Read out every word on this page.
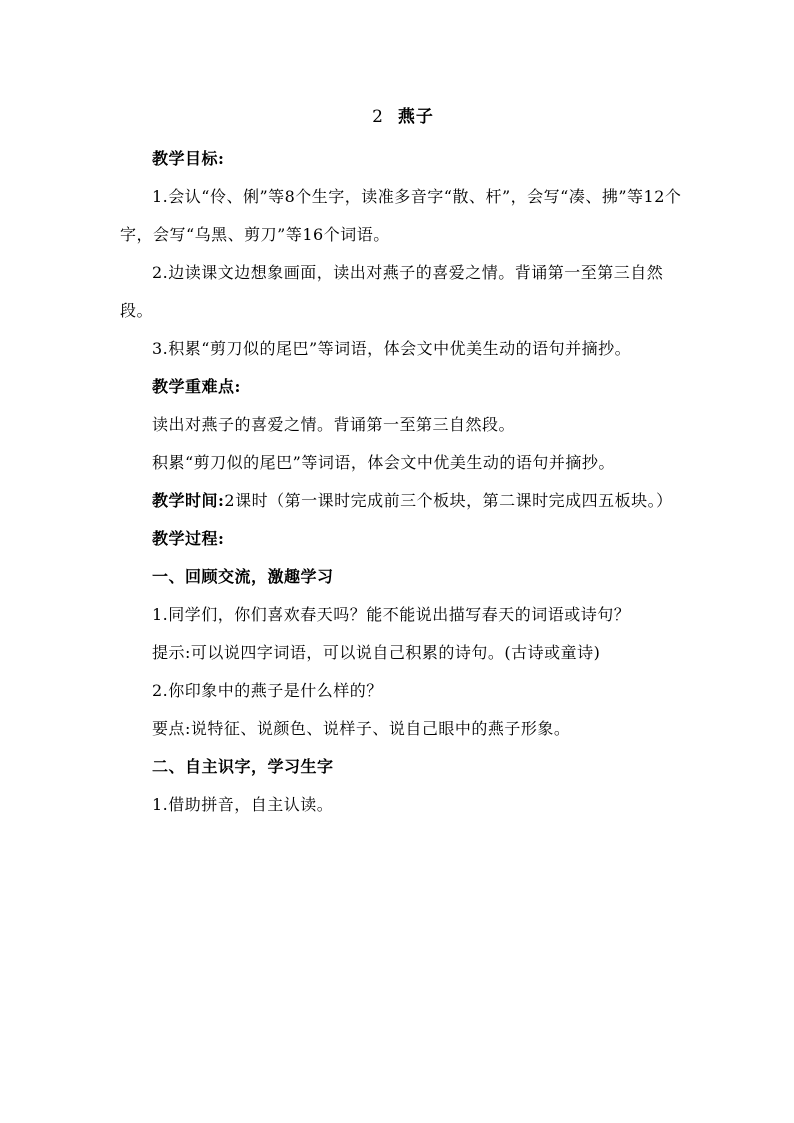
2 燕子

教学目标:

1.会认“伶、俐”等8个生字，读准多音字“散、杆”，会写“凑、拂”等12个字，会写“乌黑、剪刀”等16个词语。

2.边读课文边想象画面，读出对燕子的喜爱之情。背诵第一至第三自然段。

3.积累“剪刀似的尾巴”等词语，体会文中优美生动的语句并摘抄。

教学重难点:

读出对燕子的喜爱之情。背诵第一至第三自然段。

积累“剪刀似的尾巴”等词语，体会文中优美生动的语句并摘抄。

教学时间:2课时（第一课时完成前三个板块，第二课时完成四五板块。）

教学过程:

一、回顾交流，激趣学习

1.同学们，你们喜欢春天吗？能不能说出描写春天的词语或诗句？

提示:可以说四字词语，可以说自己积累的诗句。(古诗或童诗)

2.你印象中的燕子是什么样的？

要点:说特征、说颜色、说样子、说自己眼中的燕子形象。

二、自主识字，学习生字

1.借助拼音，自主认读。
